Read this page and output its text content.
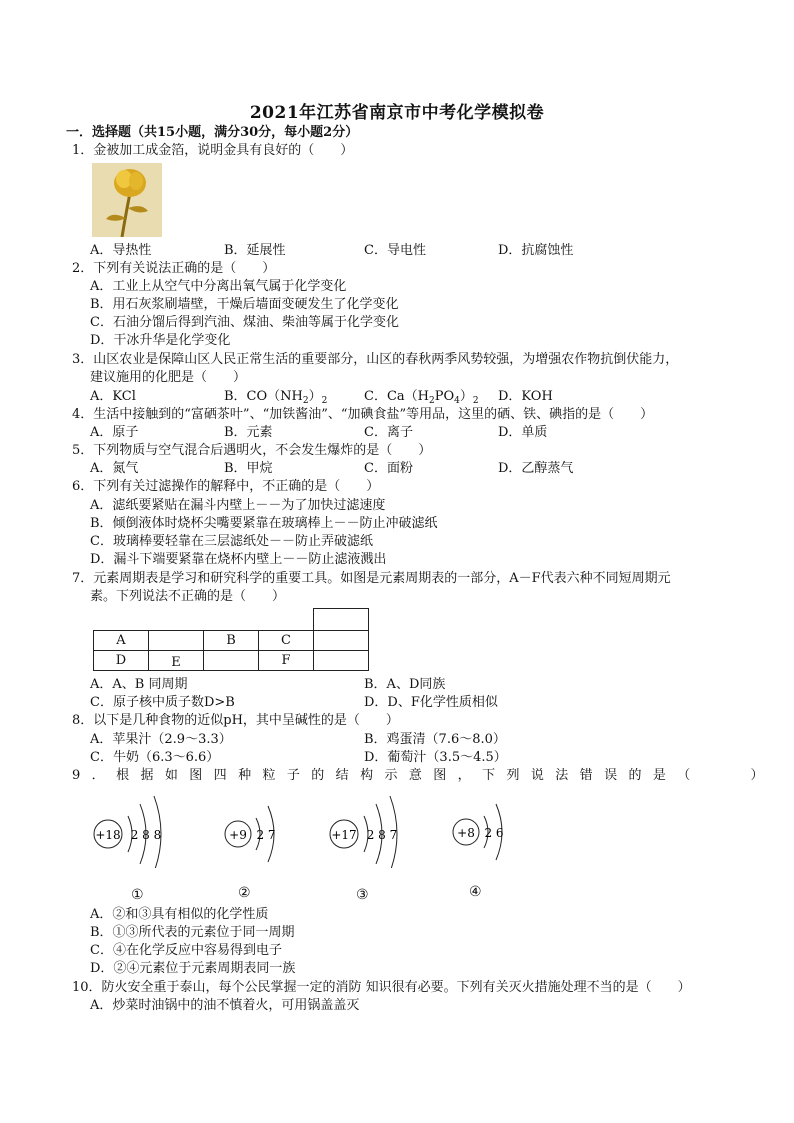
2021年江苏省南京市中考化学模拟卷
一．选择题（共15小题，满分30分，每小题2分）
1．金被加工成金箔，说明金具有良好的（　　）
A．导热性	B．延展性	C．导电性	D．抗腐蚀性
2．下列有关说法正确的是（　　）
A．工业上从空气中分离出氧气属于化学变化
B．用石灰浆刷墙壁，干燥后墙面变硬发生了化学变化
C．石油分馏后得到汽油、煤油、柴油等属于化学变化
D．干冰升华是化学变化
3．山区农业是保障山区人民正常生活的重要部分，山区的春秋两季风势较强，为增强农作物抗倒伏能力，
建议施用的化肥是（　　）
A．KCl	B．$CO(NH_2)_2$	C．$Ca(H_2PO_4)_2$ D．KOH
4．生活中接触到的“富硒茶叶”、“加铁酱油”、“加碘食盐”等用品，这里的硒、铁、碘指的是（　　）
A．原子	B．元素	C．离子	D．单质
5．下列物质与空气混合后遇明火，不会发生爆炸的是（　　）
A．氮气	B．甲烷	C．面粉	D．乙醇蒸气
6．下列有关过滤操作的解释中，不正确的是（　　）
A．滤纸要紧贴在漏斗内壁上－－为了加快过滤速度
B．倾倒液体时烧杯尖嘴要紧靠在玻璃棒上－－防止冲破滤纸
C．玻璃棒要轻靠在三层滤纸处－－防止弄破滤纸
D．漏斗下端要紧靠在烧杯内壁上－－防止滤液溅出
7．元素周期表是学习和研究科学的重要工具。如图是元素周期表的一部分，A－F代表六种不同短周期元
素。下列说法不正确的是（　　）
A		B	C	
D	E		F	
A．A、B 同周期	B．A、D同族
C．原子核中质子数D>B	D．D、F化学性质相似
8．以下是几种食物的近似pH，其中呈碱性的是（　　）
A．苹果汁（2.9～3.3）	B．鸡蛋清（7.6～8.0）
C．牛奶（6.3～6.6）	D．葡萄汁（3.5～4.5）
9．根据如图四种粒子的结构示意图，下列说法错误的是（　　）
+18 2 8 8	+9 2 7	+17 2 8 7	+8 2 6
①	②	③	④
A．②和③具有相似的化学性质
B．①③所代表的元素位于同一周期
C．④在化学反应中容易得到电子
D．②④元素位于元素周期表同一族
10．防火安全重于泰山，每个公民掌握一定的消防 知识很有必要。下列有关灭火措施处理不当的是（　　）
A．炒菜时油锅中的油不慎着火，可用锅盖盖灭
